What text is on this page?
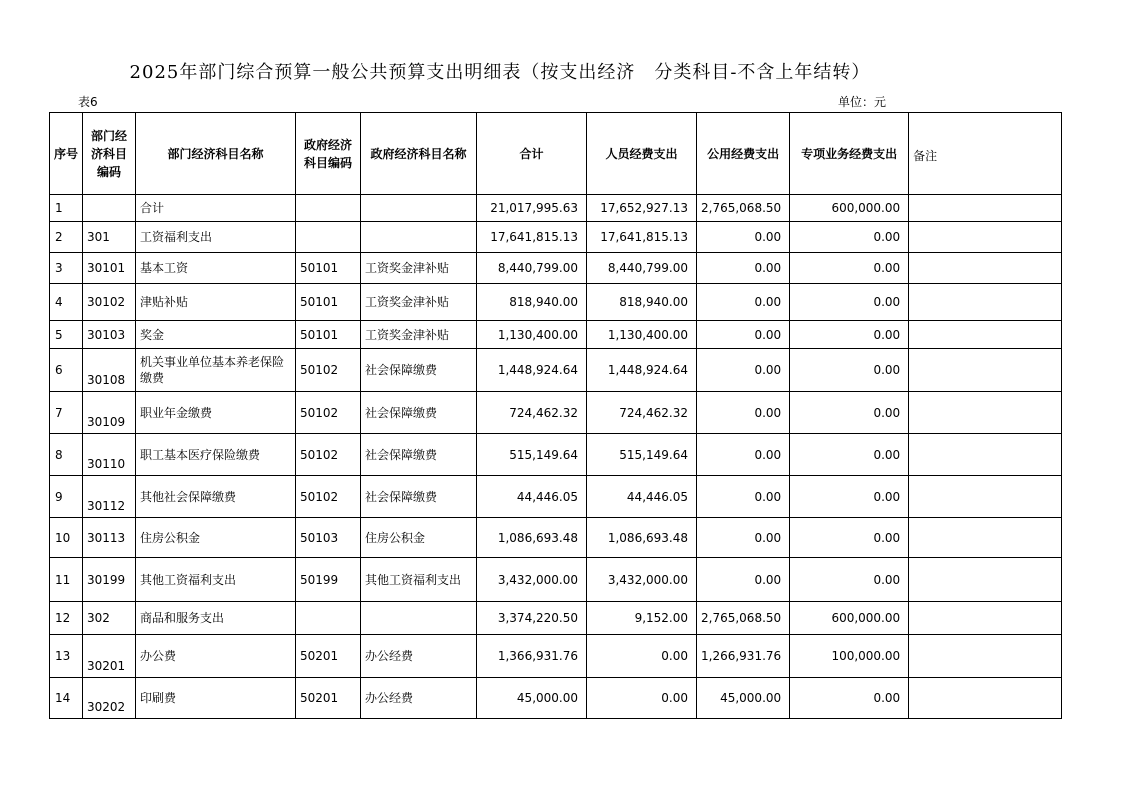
2025年部门综合预算一般公共预算支出明细表（按支出经济　分类科目-不含上年结转）
表6	单位：元
序号	部门经济科目编码	部门经济科目名称	政府经济科目编码	政府经济科目名称	合计	人员经费支出	公用经费支出	专项业务经费支出	备注
1		合计			21,017,995.63	17,652,927.13	2,765,068.50	600,000.00	
2	301	工资福利支出			17,641,815.13	17,641,815.13	0.00	0.00	
3	30101	基本工资	50101	工资奖金津补贴	8,440,799.00	8,440,799.00	0.00	0.00	
4	30102	津贴补贴	50101	工资奖金津补贴	818,940.00	818,940.00	0.00	0.00	
5	30103	奖金	50101	工资奖金津补贴	1,130,400.00	1,130,400.00	0.00	0.00	
6	30108	机关事业单位基本养老保险缴费	50102	社会保障缴费	1,448,924.64	1,448,924.64	0.00	0.00	
7	30109	职业年金缴费	50102	社会保障缴费	724,462.32	724,462.32	0.00	0.00	
8	30110	职工基本医疗保险缴费	50102	社会保障缴费	515,149.64	515,149.64	0.00	0.00	
9	30112	其他社会保障缴费	50102	社会保障缴费	44,446.05	44,446.05	0.00	0.00	
10	30113	住房公积金	50103	住房公积金	1,086,693.48	1,086,693.48	0.00	0.00	
11	30199	其他工资福利支出	50199	其他工资福利支出	3,432,000.00	3,432,000.00	0.00	0.00	
12	302	商品和服务支出			3,374,220.50	9,152.00	2,765,068.50	600,000.00	
13	30201	办公费	50201	办公经费	1,366,931.76	0.00	1,266,931.76	100,000.00	
14	30202	印刷费	50201	办公经费	45,000.00	0.00	45,000.00	0.00	
